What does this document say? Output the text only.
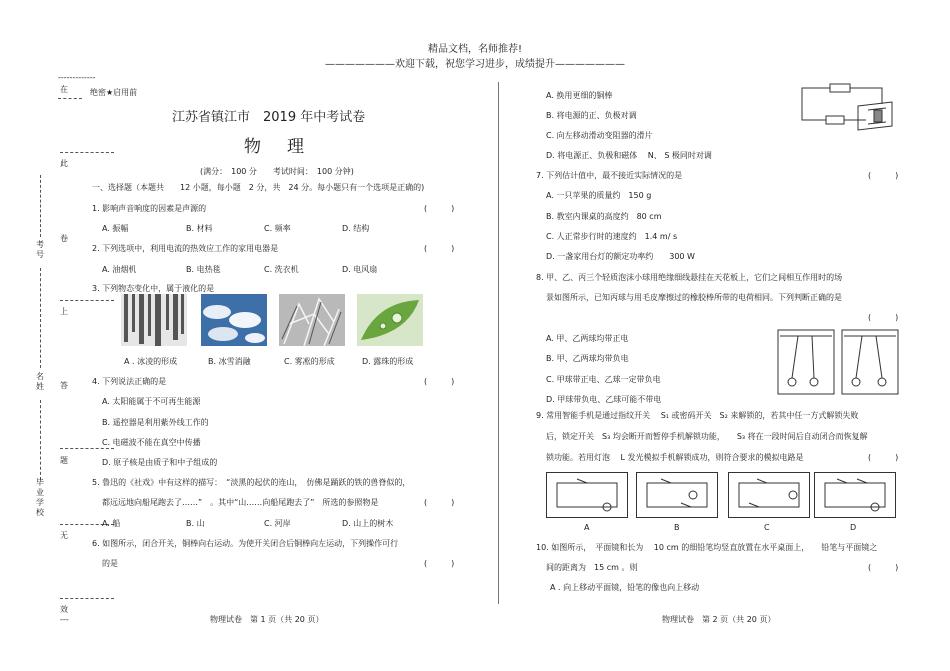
精品文档，名师推荐!
———————欢迎下载，祝您学习进步，成绩提升———————
-------------
在
此
卷
上
答
题
无
效
---
考号
名姓
毕业学校
绝密★启用前
江苏省镇江市　2019 年中考试卷
物理
(满分：　100 分　　考试时间：　100 分钟)
一、选择题（本题共　　12 小题，每小题　2 分，共　24 分。每小题只有一个选项是正确的)
1. 影响声音响度的因素是声源的	(　　　)
A. 振幅	B. 材料	C. 频率	D. 结构
2. 下列选项中，利用电流的热效应工作的家用电器是	(　　　)
A. 油烟机	B. 电热毯	C. 洗衣机	D. 电风扇
3. 下列物态变化中，属于液化的是
A . 冰凌的形成	B. 冰雪消融	C. 雾凇的形成	D. 露珠的形成
4. 下列说法正确的是	(　　　)
A. 太阳能属于不可再生能源
B. 遥控器是利用紫外线工作的
C. 电磁波不能在真空中传播
D. 原子核是由质子和中子组成的
5. 鲁迅的《社戏》中有这样的描写：　“淡黑的起伏的连山，　仿佛是踊跃的铁的兽脊似的，
都远远地向船尾跑去了……”　。其中“山……向船尾跑去了”　所选的参照物是	(　　　)
A. 船	B. 山	C. 河岸	D. 山上的树木
6. 如图所示，闭合开关，铜棒向右运动。为使开关闭合后铜棒向左运动，下列操作可行
的是	(　　　)
物理试卷　第 1 页（共 20 页）
A. 换用更细的铜棒
B. 将电源的正、负极对调
C. 向左移动滑动变阻器的滑片
D. 将电源正、负极和磁体　 N、 S 极同时对调
7. 下列估计值中，最不接近实际情况的是	(　　　)
A. 一只苹果的质量约　150 g
B. 教室内课桌的高度约　80 cm
C. 人正常步行时的速度约　1.4 m/ s
D. 一盏家用台灯的额定功率约　　300 W
8. 甲、乙、丙三个轻质泡沫小球用绝缘细线悬挂在天花板上，它们之间相互作用时的场
景如图所示，已知丙球与用毛皮摩擦过的橡胶棒所带的电荷相同。下列判断正确的是
(　　　)
A. 甲、乙两球均带正电
B. 甲、乙两球均带负电
C. 甲球带正电、乙球一定带负电
D. 甲球带负电、乙球可能不带电
9. 常用智能手机是通过指纹开关　 S₁ 或密码开关　S₂ 来解锁的，若其中任一方式解锁失败
后，锁定开关　S₃ 均会断开而暂停手机解锁功能，　　S₃ 将在一段时间后自动闭合而恢复解
锁功能。若用灯泡　 L 发光模拟手机解锁成功，则符合要求的模拟电路是	(　　　)
A	B	C	D
10. 如图所示，　平面镜和长为　 10 cm 的细铅笔均竖直放置在水平桌面上，　　铅笔与平面镜之
间的距离为　15 cm 。则	(　　　)
A . 向上移动平面镜，铅笔的像也向上移动
物理试卷　第 2 页（共 20 页）
